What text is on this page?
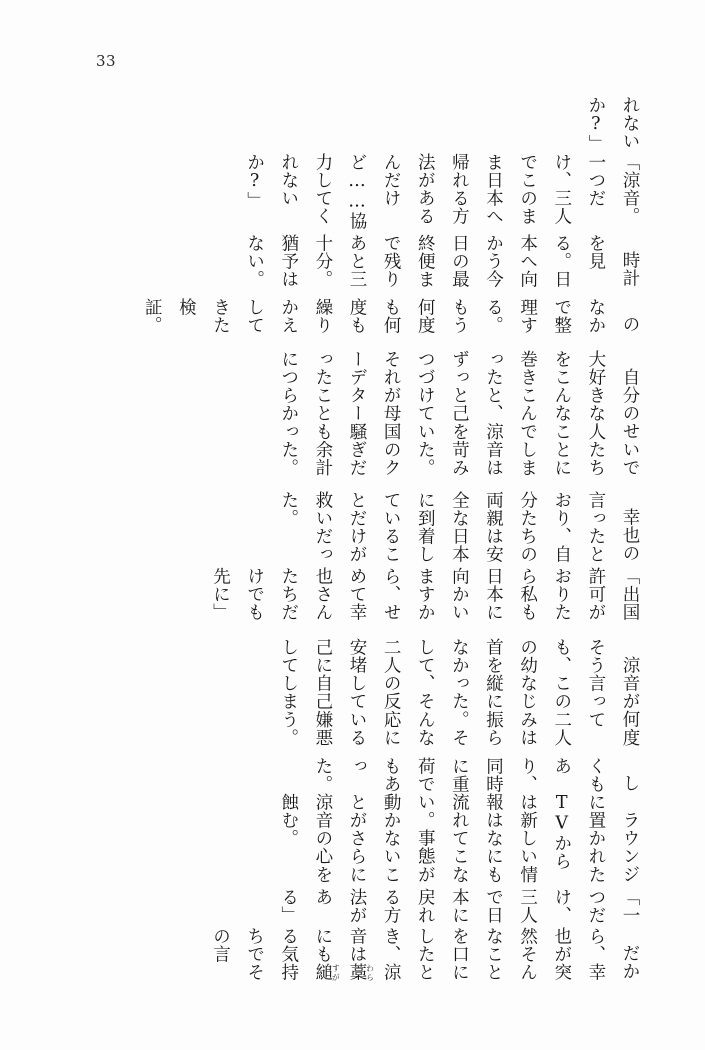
33

れないか?」

「涼音。一つだけ、三人でこのまま日本へ帰れる方法があるんだけど……協力してくれないか?」

時計を見る。日本へ向かう今日の最終便まで残りあと三十分。猶予はない。

のなかで整理する。もう何度も何度も繰りかえしてきた検証。

自分のせいで大好きな人たちをこんなことに巻きこんでしまったと、涼音はずっと己を苛みつづけていた。それが母国のクーデター騒ぎだったことも余計につらかった。

幸也の言ったとおり、自分たちの両親は安全な日本に到着していることだけが救いだった。

「出国許可がおりたら私も日本に向かいますから、せめて幸也さんたちだけでも先に」

涼音が何度そう言っても、この二人の幼なじみは首を縦に振らなかった。そして、そんな二人の反応に安堵している己に自己嫌悪してしまう。

しくもあり、同時に重荷でもあった。

ラウンジに置かれたTVからは新しい情報はなにも流れてこない。事態が動かないことがさらに涼音の心を蝕む。

「一つだけ、三人で日本に戻れる方法がある」

だから、幸也が突然そんなことを口にしたとき、涼音は藁わらにも縋すがる気持ちでその言
